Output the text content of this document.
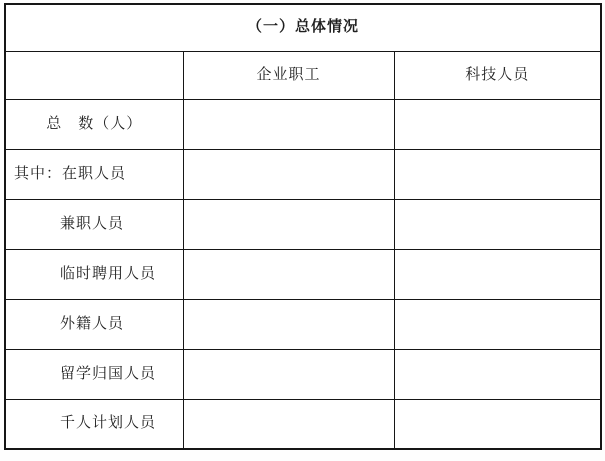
（一）总体情况		
	企业职工	科技人员
总　数（人）		
其中：在职人员		
兼职人员		
临时聘用人员		
外籍人员		
留学归国人员		
千人计划人员		
